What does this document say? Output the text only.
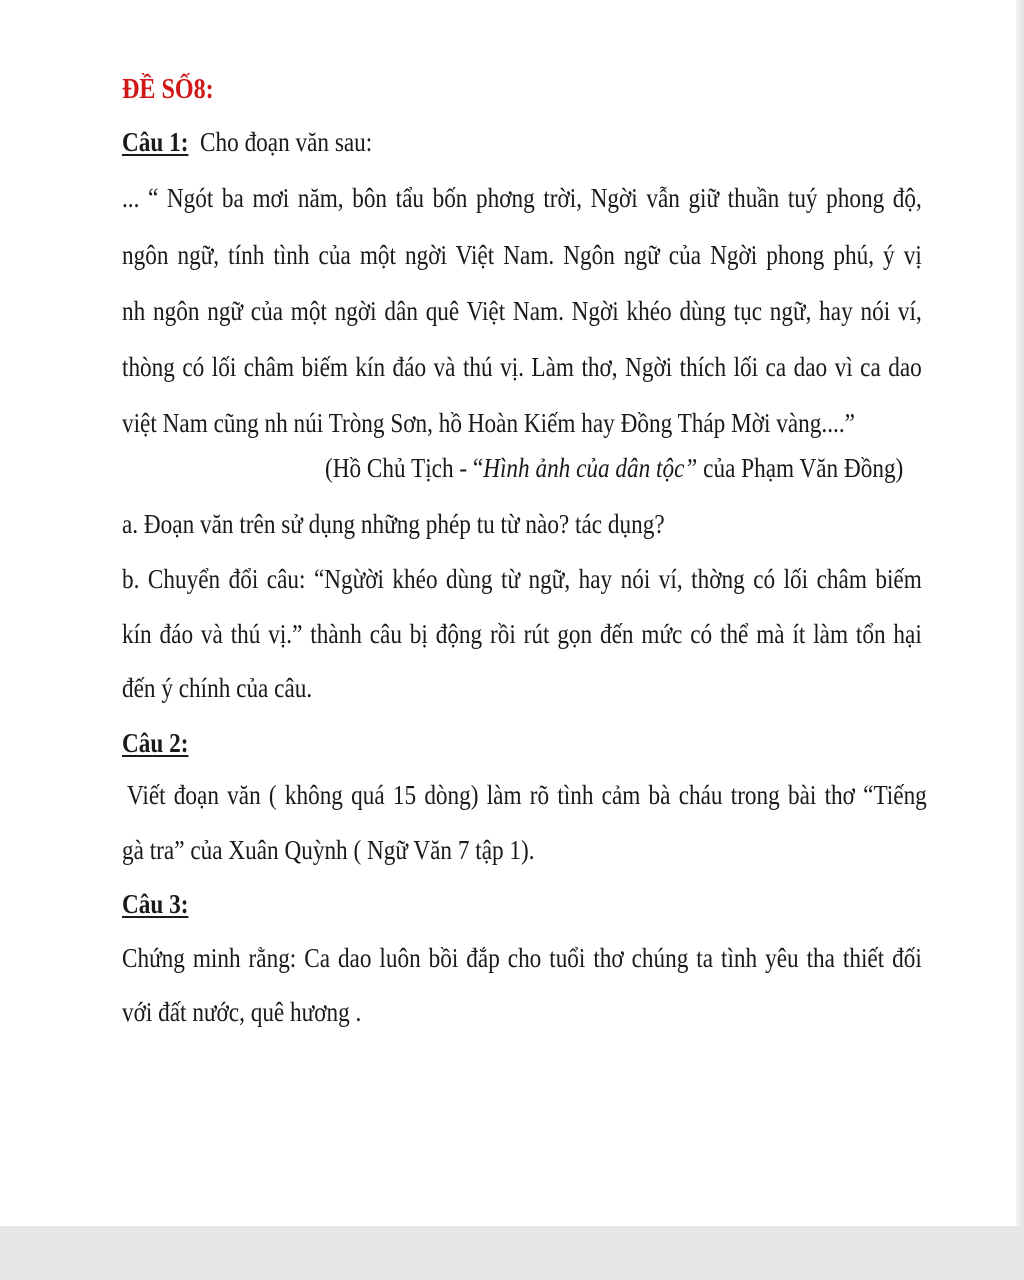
ĐỀ SỐ8:
Câu 1: Cho đoạn văn sau:
... “ Ngót ba mơi năm, bôn tẩu bốn phơng trời, Ngời vẫn giữ thuần tuý phong độ,
ngôn ngữ, tính tình của một ngời Việt Nam. Ngôn ngữ của Ngời phong phú, ý vị
nh ngôn ngữ của một ngời dân quê Việt Nam. Ngời khéo dùng tục ngữ, hay nói ví,
thòng có lối châm biếm kín đáo và thú vị. Làm thơ, Ngời thích lối ca dao vì ca dao
việt Nam cũng nh núi Tròng Sơn, hồ Hoàn Kiếm hay Đồng Tháp Mời vàng....”
(Hồ Chủ Tịch - “Hình ảnh của dân tộc” của Phạm Văn Đồng)
a. Đoạn văn trên sử dụng những phép tu từ nào? tác dụng?
b. Chuyển đổi câu: “Ngừời khéo dùng từ ngữ, hay nói ví, thờng có lối châm biếm
kín đáo và thú vị.” thành câu bị động rồi rút gọn đến mức có thể mà ít làm tổn hại
đến ý chính của câu.
Câu 2:
Viết đoạn văn ( không quá 15 dòng) làm rõ tình cảm bà cháu trong bài thơ “Tiếng
gà tra” của Xuân Quỳnh ( Ngữ Văn 7 tập 1).
Câu 3:
Chứng minh rằng: Ca dao luôn bồi đắp cho tuổi thơ chúng ta tình yêu tha thiết đối
với đất nước, quê hương .
